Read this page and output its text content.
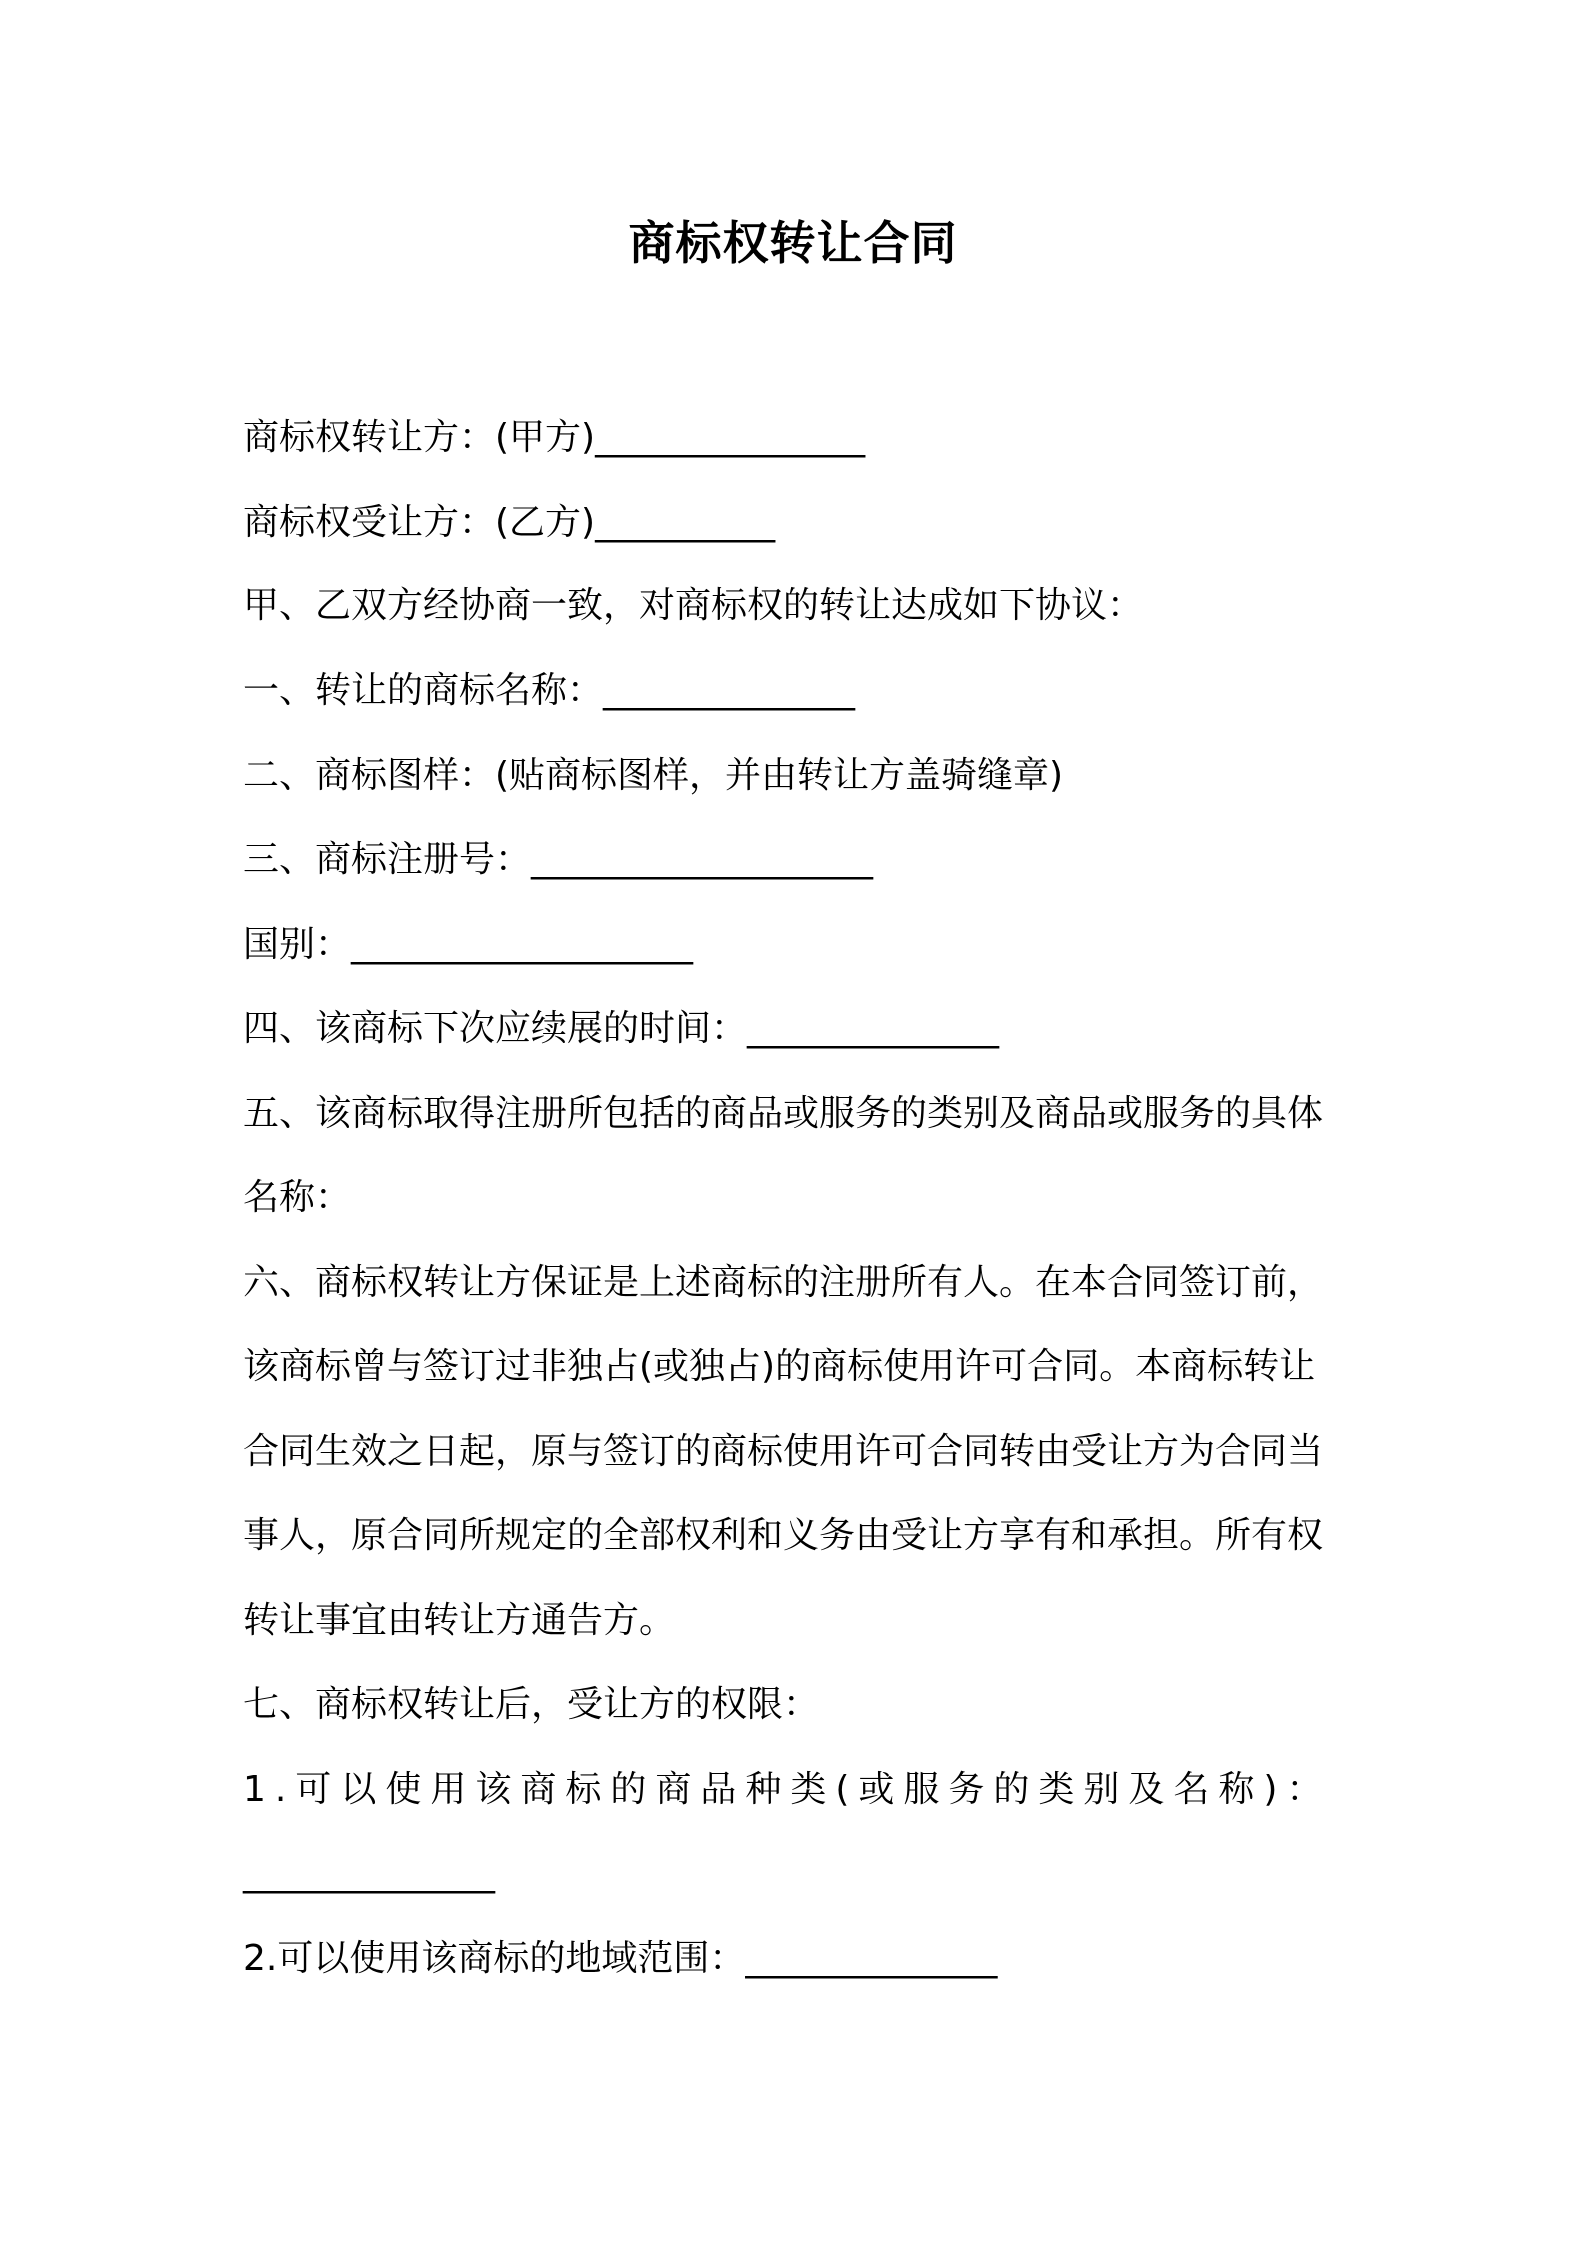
商标权转让合同

商标权转让方：(甲方)_______________

商标权受让方：(乙方)__________

甲、乙双方经协商一致，对商标权的转让达成如下协议：

一、转让的商标名称：______________

二、商标图样：(贴商标图样，并由转让方盖骑缝章)

三、商标注册号：___________________

国别：___________________

四、该商标下次应续展的时间：______________

五、该商标取得注册所包括的商品或服务的类别及商品或服务的具体

名称：

六、商标权转让方保证是上述商标的注册所有人。在本合同签订前，

该商标曾与签订过非独占(或独占)的商标使用许可合同。本商标转让

合同生效之日起，原与签订的商标使用许可合同转由受让方为合同当

事人，原合同所规定的全部权利和义务由受让方享有和承担。所有权

转让事宜由转让方通告方。

七、商标权转让后，受让方的权限：

1.可以使用该商标的商品种类(或服务的类别及名称)：

______________

2.可以使用该商标的地域范围：______________
